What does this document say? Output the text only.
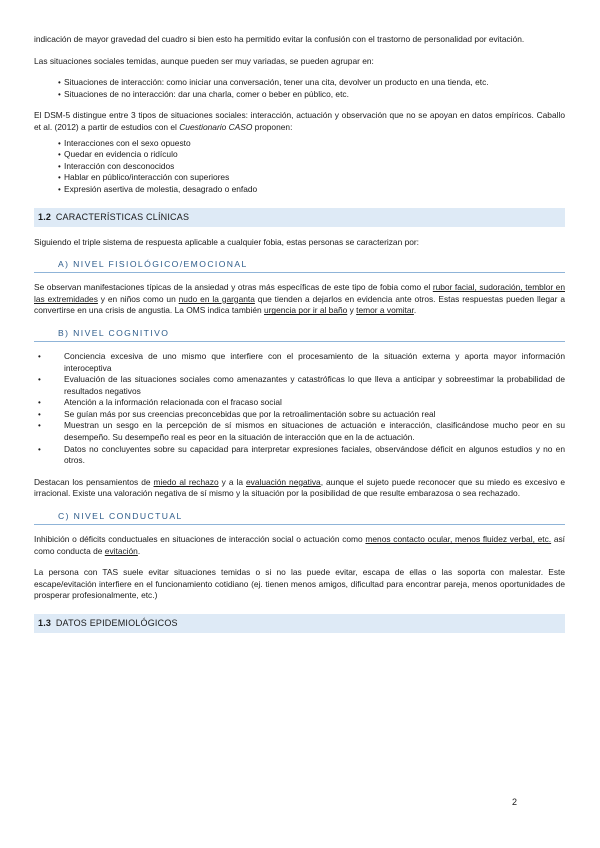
indicación de mayor gravedad del cuadro si bien esto ha permitido evitar la confusión con el trastorno de personalidad por evitación.

Las situaciones sociales temidas, aunque pueden ser muy variadas, se pueden agrupar en:

• Situaciones de interacción: como iniciar una conversación, tener una cita, devolver un producto en una tienda, etc.
• Situaciones de no interacción: dar una charla, comer o beber en público, etc.

El DSM-5 distingue entre 3 tipos de situaciones sociales: interacción, actuación y observación que no se apoyan en datos empíricos. Caballo et al. (2012) a partir de estudios con el Cuestionario CASO proponen:

• Interacciones con el sexo opuesto
• Quedar en evidencia o ridículo
• Interacción con desconocidos
• Hablar en público/interacción con superiores
• Expresión asertiva de molestia, desagrado o enfado
1.2 CARACTERÍSTICAS CLÍNICAS

Siguiendo el triple sistema de respuesta aplicable a cualquier fobia, estas personas se caracterizan por:

A) NIVEL FISIOLÓGICO/EMOCIONAL

Se observan manifestaciones típicas de la ansiedad y otras más específicas de este tipo de fobia como el rubor facial, sudoración, temblor en las extremidades y en niños como un nudo en la garganta que tienden a dejarlos en evidencia ante otros. Estas respuestas pueden llegar a convertirse en una crisis de angustia. La OMS indica también urgencia por ir al baño y temor a vomitar.

B) NIVEL COGNITIVO
• Conciencia excesiva de uno mismo que interfiere con el procesamiento de la situación externa y aporta mayor información interoceptiva
• Evaluación de las situaciones sociales como amenazantes y catastróficas lo que lleva a anticipar y sobreestimar la probabilidad de resultados negativos
• Atención a la información relacionada con el fracaso social
• Se guían más por sus creencias preconcebidas que por la retroalimentación sobre su actuación real
• Muestran un sesgo en la percepción de sí mismos en situaciones de actuación e interacción, clasificándose mucho peor en su desempeño. Su desempeño real es peor en la situación de interacción que en la de actuación.
• Datos no concluyentes sobre su capacidad para interpretar expresiones faciales, observándose déficit en algunos estudios y no en otros.

Destacan los pensamientos de miedo al rechazo y a la evaluación negativa, aunque el sujeto puede reconocer que su miedo es excesivo e irracional. Existe una valoración negativa de sí mismo y la situación por la posibilidad de que resulte embarazosa o sea rechazado.

C) NIVEL CONDUCTUAL

Inhibición o déficits conductuales en situaciones de interacción social o actuación como menos contacto ocular, menos fluidez verbal, etc. así como conducta de evitación.

La persona con TAS suele evitar situaciones temidas o si no las puede evitar, escapa de ellas o las soporta con malestar. Este escape/evitación interfiere en el funcionamiento cotidiano (ej. tienen menos amigos, dificultad para encontrar pareja, menos oportunidades de prosperar profesionalmente, etc.)

1.3 DATOS EPIDEMIOLÓGICOS
2
